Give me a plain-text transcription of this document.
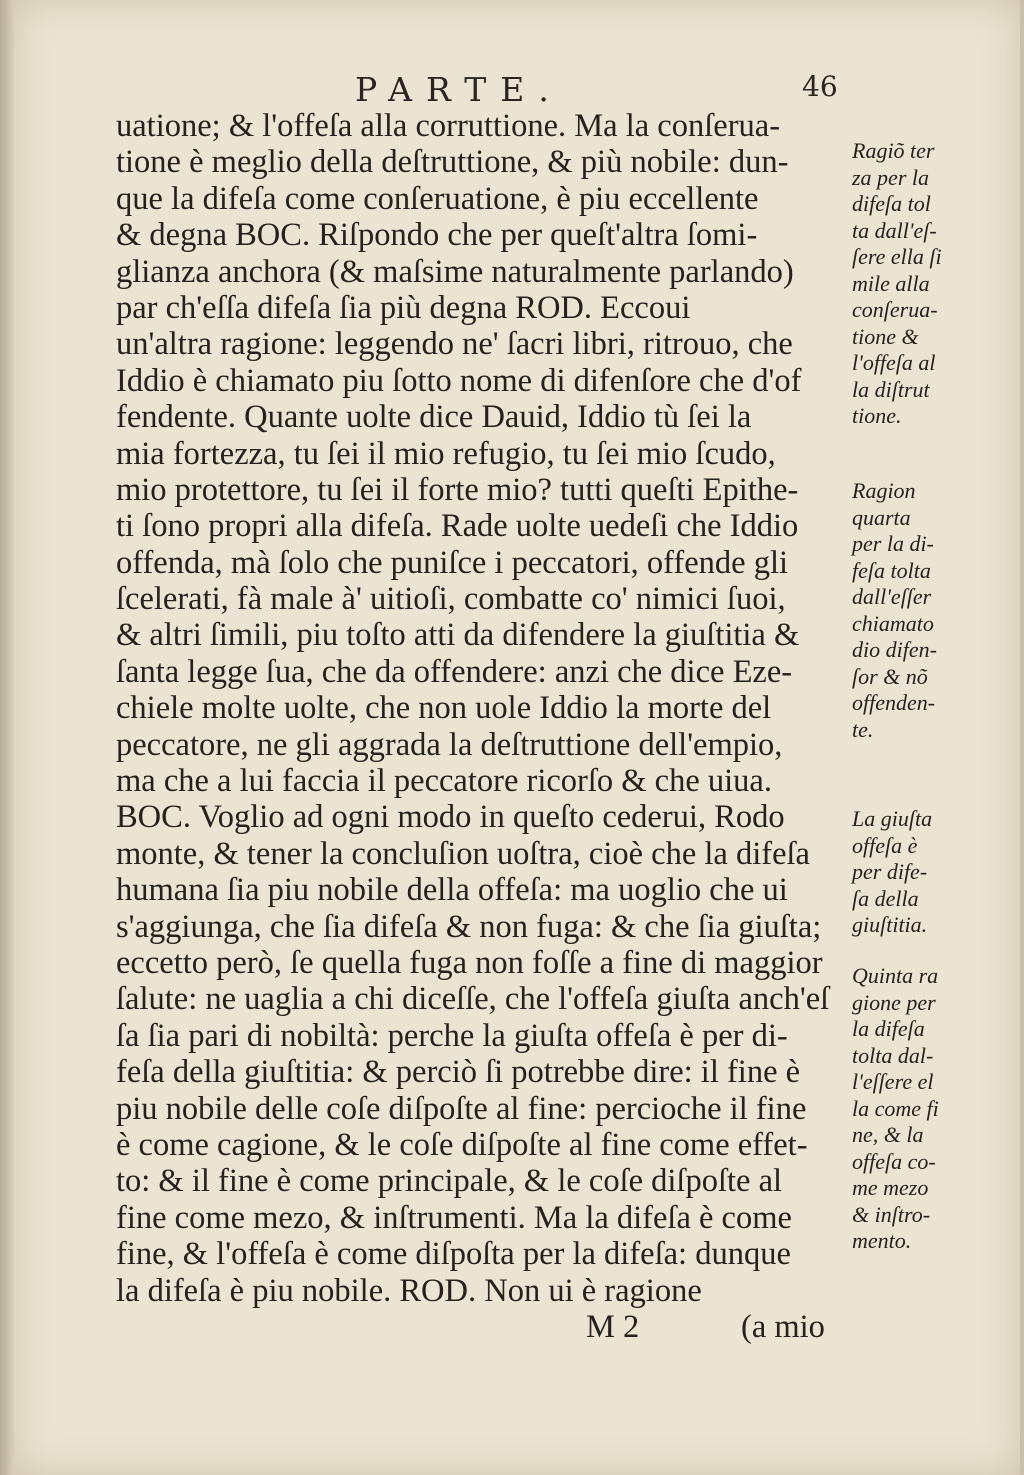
PARTE.	46
uatione; & l'offeſa alla corruttione. Ma la conſerua-
tione è meglio della deſtruttione, & più nobile: dun-
que la difeſa come conſeruatione, è piu eccellente
& degna BOC. Riſpondo che per queſt'altra ſomi-
glianza anchora (& maſsime naturalmente parlando)
par ch'eſſa difeſa ſia più degna ROD. Eccoui
un'altra ragione: leggendo ne' ſacri libri, ritrouo, che
Iddio è chiamato piu ſotto nome di difenſore che d'of
fendente. Quante uolte dice Dauid, Iddio tù ſei la
mia fortezza, tu ſei il mio refugio, tu ſei mio ſcudo,
mio protettore, tu ſei il forte mio? tutti queſti Epithe-
ti ſono propri alla difeſa. Rade uolte uedeſi che Iddio
offenda, mà ſolo che puniſce i peccatori, offende gli
ſcelerati, fà male à' uitioſi, combatte co' nimici ſuoi,
& altri ſimili, piu toſto atti da difendere la giuſtitia &
ſanta legge ſua, che da offendere: anzi che dice Eze-
chiele molte uolte, che non uole Iddio la morte del
peccatore, ne gli aggrada la deſtruttione dell'empio,
ma che a lui faccia il peccatore ricorſo & che uiua.
BOC. Voglio ad ogni modo in queſto cederui, Rodo
monte, & tener la concluſion uoſtra, cioè che la difeſa
humana ſia piu nobile della offeſa: ma uoglio che ui
s'aggiunga, che ſia difeſa & non fuga: & che ſia giuſta;
eccetto però, ſe quella fuga non foſſe a fine di maggior
ſalute: ne uaglia a chi diceſſe, che l'offeſa giuſta anch'eſ
ſa ſia pari di nobiltà: perche la giuſta offeſa è per di-
feſa della giuſtitia: & perciò ſi potrebbe dire: il fine è
piu nobile delle coſe diſpoſte al fine: percioche il fine
è come cagione, & le coſe diſpoſte al fine come effet-
to: & il fine è come principale, & le coſe diſpoſte al
fine come mezo, & inſtrumenti. Ma la difeſa è come
fine, & l'offeſa è come diſpoſta per la difeſa: dunque
la difeſa è piu nobile. ROD. Non ui è ragione
M 2	(a mio
Ragiõ ter
za per la
difeſa tol
ta dall'eſ-
ſere ella ſi
mile alla
conſerua-
tione &
l'offeſa al
la diſtrut
tione.
Ragion
quarta
per la di-
feſa tolta
dall'eſſer
chiamato
dio difen-
ſor & nõ
offenden-
te.
La giuſta
offeſa è
per dife-
ſa della
giuſtitia.
Quinta ra
gione per
la difeſa
tolta dal-
l'eſſere el
la come fi
ne, & la
offeſa co-
me mezo
& inſtro-
mento.
